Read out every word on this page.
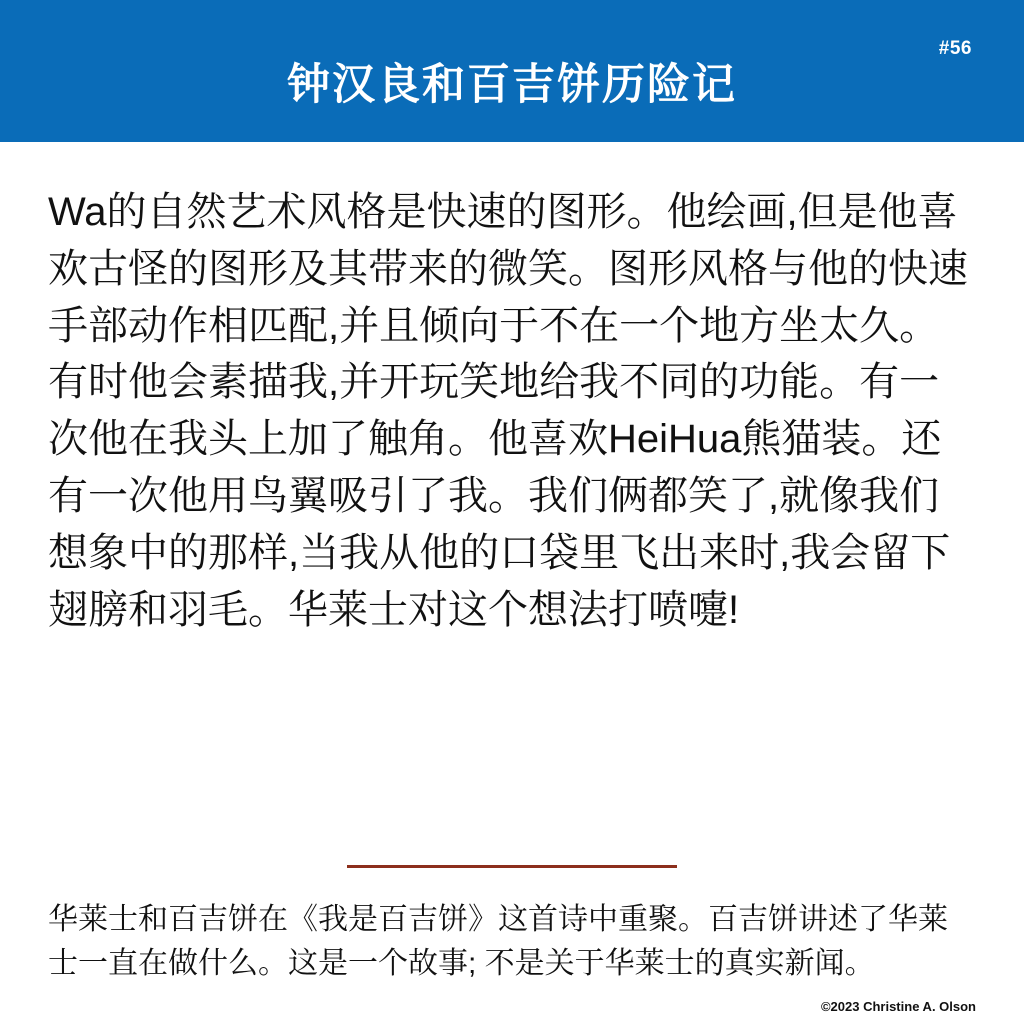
#56
钟汉良和百吉饼历险记
Wa的自然艺术风格是快速的图形。他绘画,但是他喜欢古怪的图形及其带来的微笑。图形风格与他的快速手部动作相匹配,并且倾向于不在一个地方坐太久。有时他会素描我,并开玩笑地给我不同的功能。有一次他在我头上加了触角。他喜欢HeiHua熊猫装。还有一次他用鸟翼吸引了我。我们俩都笑了,就像我们想象中的那样,当我从他的口袋里飞出来时,我会留下翅膀和羽毛。华莱士对这个想法打喷嚏!
华莱士和百吉饼在《我是百吉饼》这首诗中重聚。百吉饼讲述了华莱士一直在做什么。这是一个故事; 不是关于华莱士的真实新闻。
©2023 Christine A. Olson
